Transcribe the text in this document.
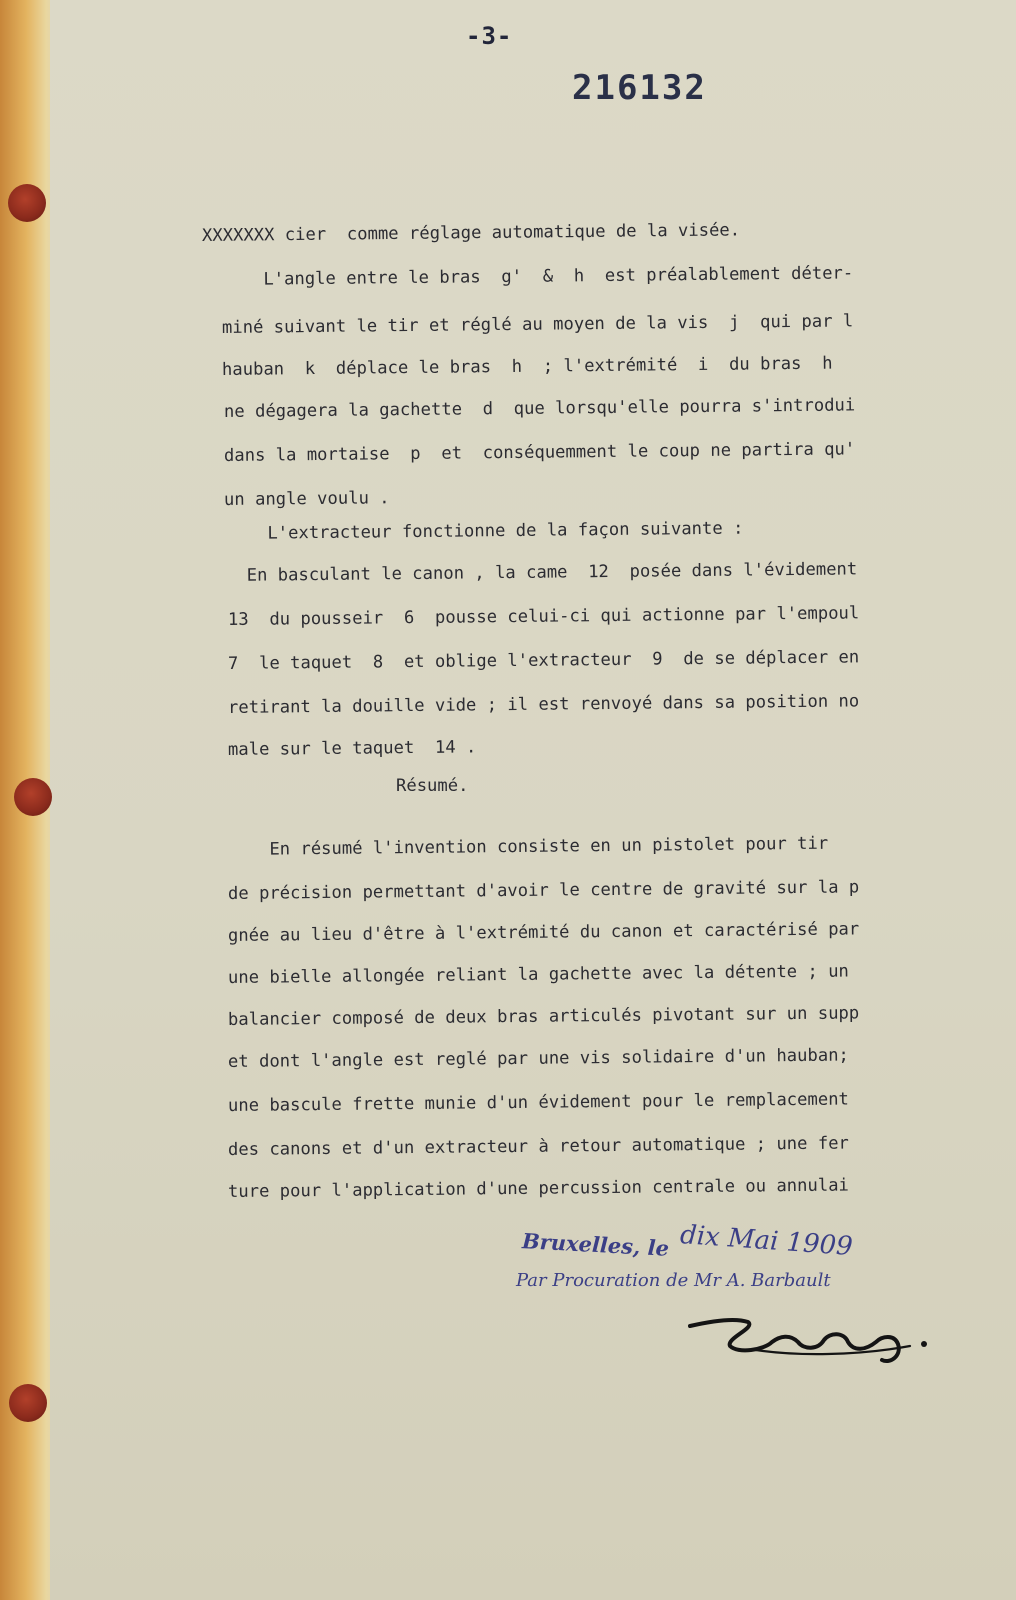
-3-
216132
XXXXXXX cier  comme réglage automatique de la visée.
L'angle entre le bras  g'  &  h  est préalablement déter-
miné suivant le tir et réglé au moyen de la vis  j  qui par l
hauban  k  déplace le bras  h  ; l'extrémité  i  du bras  h
ne dégagera la gachette  d  que lorsqu'elle pourra s'introdui
dans la mortaise  p  et  conséquemment le coup ne partira qu'
un angle voulu .
L'extracteur fonctionne de la façon suivante :
En basculant le canon , la came  12  posée dans l'évidement
13  du pousseir  6  pousse celui-ci qui actionne par l'empoul
7  le taquet  8  et oblige l'extracteur  9  de se déplacer en
retirant la douille vide ; il est renvoyé dans sa position no
male sur le taquet  14 .
Résumé.
En résumé l'invention consiste en un pistolet pour tir
de précision permettant d'avoir le centre de gravité sur la p
gnée au lieu d'être à l'extrémité du canon et caractérisé par
une bielle allongée reliant la gachette avec la détente ; un
balancier composé de deux bras articulés pivotant sur un supp
et dont l'angle est reglé par une vis solidaire d'un hauban;
une bascule frette munie d'un évidement pour le remplacement
des canons et d'un extracteur à retour automatique ; une fer
ture pour l'application d'une percussion centrale ou annulai
Bruxelles, le dix Mai 1909
Par Procuration de Mr A. Barbault
